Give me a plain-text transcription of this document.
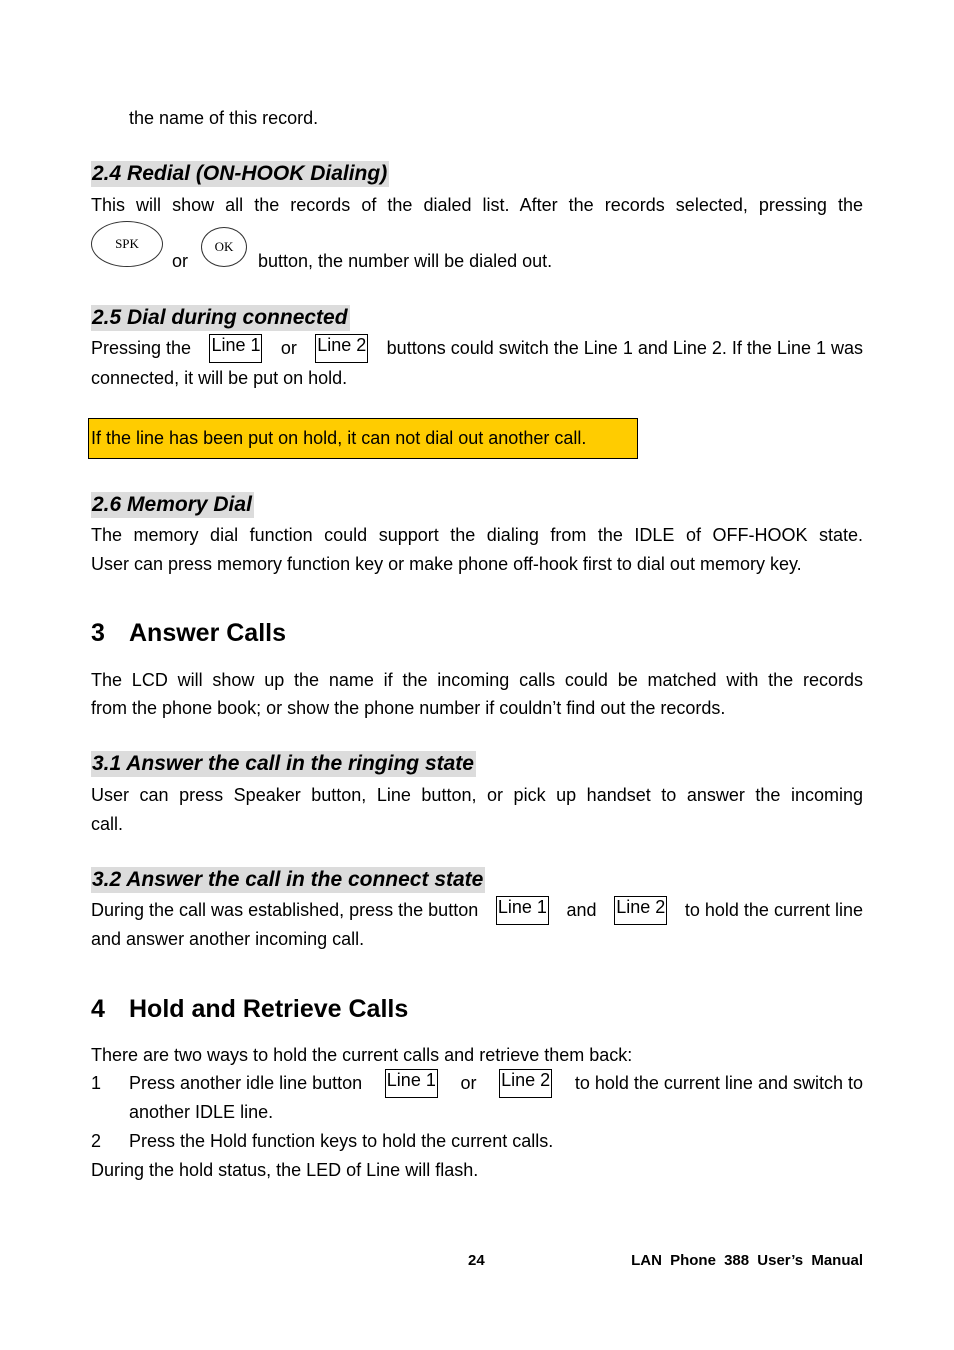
the name of this record.
2.4 Redial (ON-HOOK Dialing)
This will show all the records of the dialed list. After the records selected, pressing the
SPK
or
OK
button, the number will be dialed out.
2.5 Dial during connected
Pressing the Line 1 or Line 2 buttons could switch the Line 1 and Line 2. If the Line 1 was
connected, it will be put on hold.
If the line has been put on hold, it can not dial out another call.
2.6 Memory Dial
The memory dial function could support the dialing from the IDLE of OFF-HOOK state.
User can press memory function key or make phone off-hook first to dial out memory key.
3 Answer Calls
The LCD will show up the name if the incoming calls could be matched with the records
from the phone book; or show the phone number if couldn’t find out the records.
3.1 Answer the call in the ringing state
User can press Speaker button, Line button, or pick up handset to answer the incoming
call.
3.2 Answer the call in the connect state
During the call was established, press the button Line 1 and Line 2 to hold the current line
and answer another incoming call.
4 Hold and Retrieve Calls
There are two ways to hold the current calls and retrieve them back:
1 Press another idle line button Line 1 or Line 2 to hold the current line and switch to
another IDLE line.
2 Press the Hold function keys to hold the current calls.
During the hold status, the LED of Line will flash.
24	LAN Phone 388 User’s Manual
